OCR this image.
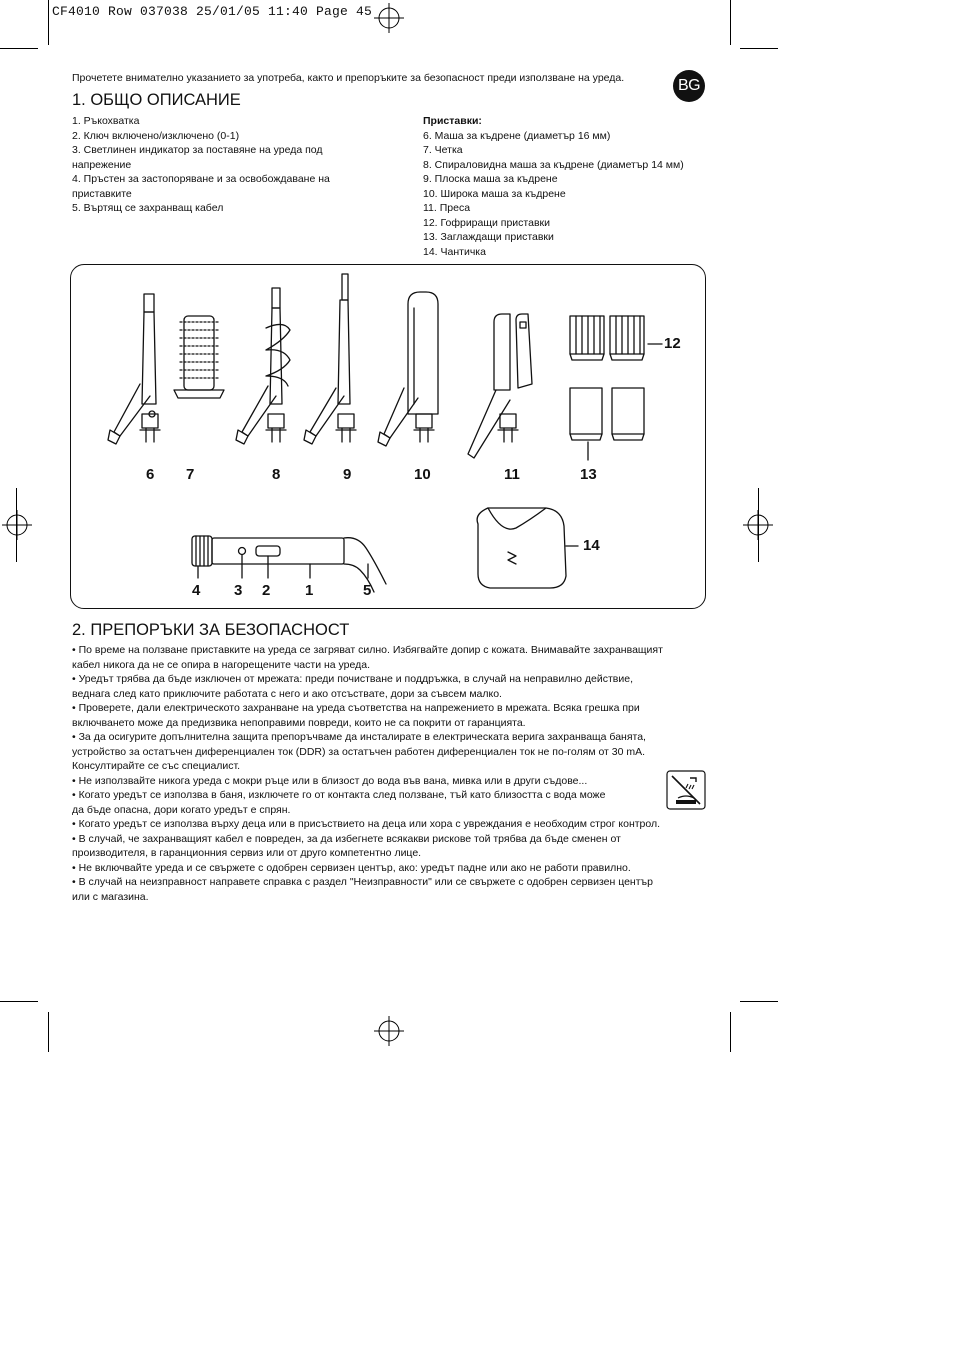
CF4010 Row 037038 25/01/05 11:40 Page 45
Прочетете внимателно указанието за употреба, както и препоръките за безопасност преди използване на уреда.	BG
1. ОБЩО ОПИСАНИЕ
1. Ръкохватка
2. Ключ включено/изключено (0-1)
3. Светлинен индикатор за поставяне на уреда под
напрежение
4. Пръстен за застопоряване и за освобождаване на
приставките
5. Въртящ се захранващ кабел
Приставки:
6. Маша за къдрене (диаметър 16 мм)
7. Четка
8. Спираловидна маша за къдрене (диаметър 14 мм)
9. Плоска маша за къдрене
10. Широка маша за къдрене
11. Преса
12. Гофриращи приставки
13. Заглаждащи приставки
14. Чантичка
6 7	8	9	10	11	13
12
14
4 3 2 1	5
2. ПРЕПОРЪКИ ЗА БЕЗОПАСНОСТ

• По време на ползване приставките на уреда се загряват силно. Избягвайте допир с кожата. Внимавайте захранващият

кабел никога да не се опира в нагорещените части на уреда.

• Уредът трябва да бъде изключен от мрежата: преди почистване и поддръжка, в случай на неправилно действие,

веднага след като приключите работата с него и ако отсъствате, дори за съвсем малко.

• Проверете, дали електрическото захранване на уреда съответства на напрежението в мрежата. Всяка грешка при

включването може да предизвика непоправими повреди, които не са покрити от гаранцията.

• За да осигурите допълнителна защита препоръчваме да инсталирате в електрическата верига захранваща банята,

устройство за остатъчен диференциален ток (DDR) за остатъчен работен диференциален ток не по-голям от 30 mA.

Консултирайте се със специалист.

• Не използвайте никога уреда с мокри ръце или в близост до вода във вана, мивка или в други съдове...

• Когато уредът се използва в баня, изключете го от контакта след ползване, тъй като близостта с вода може

да бъде опасна, дори когато уредът е спрян.

• Когато уредът се използва върху деца или в присъствието на деца или хора с увреждания е необходим строг контрол.

• В случай, че захранващият кабел е повреден, за да избегнете всякакви рискове той трябва да бъде сменен от

производителя, в гаранционния сервиз или от друго компетентно лице.

• Не включвайте уреда и се свържете с одобрен сервизен център, ако: уредът падне или ако не работи правилно.

• В случай на неизправност направете справка с раздел "Неизправности" или се свържете с одобрен сервизен център

или с магазина.
